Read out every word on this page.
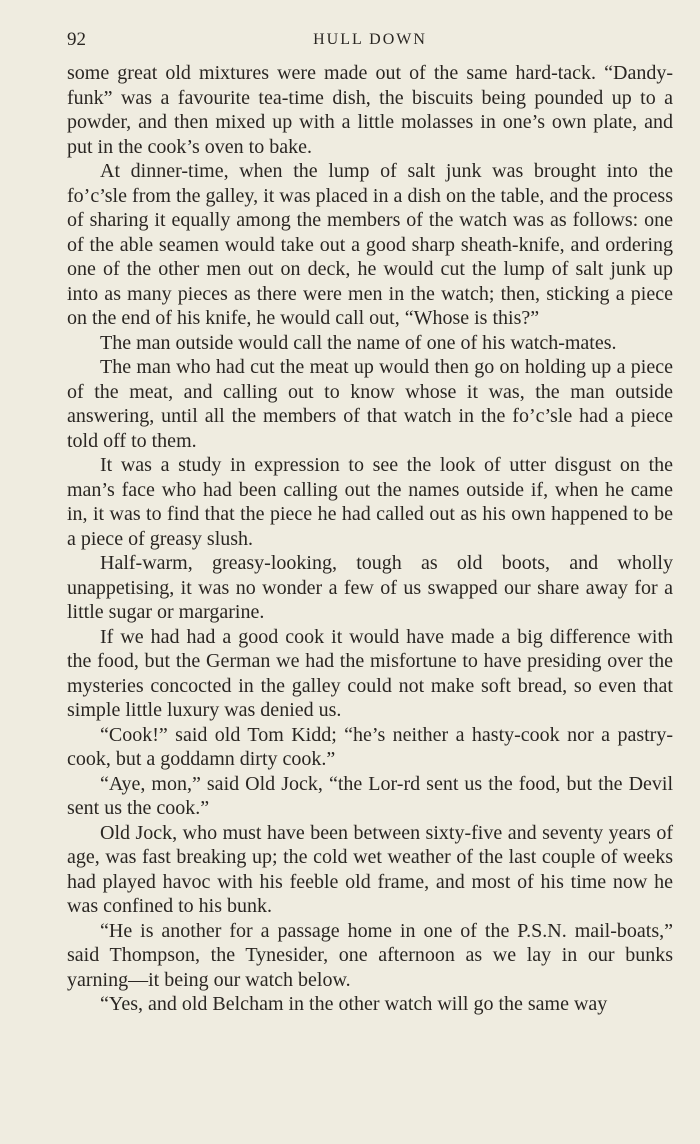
92	HULL DOWN

some great old mixtures were made out of the same hard-tack. “Dandy-funk” was a favourite tea-time dish, the biscuits being pounded up to a powder, and then mixed up with a little molasses in one’s own plate, and put in the cook’s oven to bake.

At dinner-time, when the lump of salt junk was brought into the fo’c’sle from the galley, it was placed in a dish on the table, and the process of sharing it equally among the members of the watch was as follows: one of the able seamen would take out a good sharp sheath-knife, and ordering one of the other men out on deck, he would cut the lump of salt junk up into as many pieces as there were men in the watch; then, sticking a piece on the end of his knife, he would call out, “Whose is this?”

The man outside would call the name of one of his watch-mates.

The man who had cut the meat up would then go on holding up a piece of the meat, and calling out to know whose it was, the man outside answering, until all the members of that watch in the fo’c’sle had a piece told off to them.

It was a study in expression to see the look of utter disgust on the man’s face who had been calling out the names outside if, when he came in, it was to find that the piece he had called out as his own happened to be a piece of greasy slush.

Half-warm, greasy-looking, tough as old boots, and wholly unappetising, it was no wonder a few of us swapped our share away for a little sugar or margarine.

If we had had a good cook it would have made a big difference with the food, but the German we had the misfortune to have presiding over the mysteries concocted in the galley could not make soft bread, so even that simple little luxury was denied us.

“Cook!” said old Tom Kidd; “he’s neither a hasty-cook nor a pastry-cook, but a goddamn dirty cook.”

“Aye, mon,” said Old Jock, “the Lor-rd sent us the food, but the Devil sent us the cook.”

Old Jock, who must have been between sixty-five and seventy years of age, was fast breaking up; the cold wet weather of the last couple of weeks had played havoc with his feeble old frame, and most of his time now he was confined to his bunk.

“He is another for a passage home in one of the P.S.N. mail-boats,” said Thompson, the Tynesider, one afternoon as we lay in our bunks yarning—it being our watch below.

“Yes, and old Belcham in the other watch will go the same way
